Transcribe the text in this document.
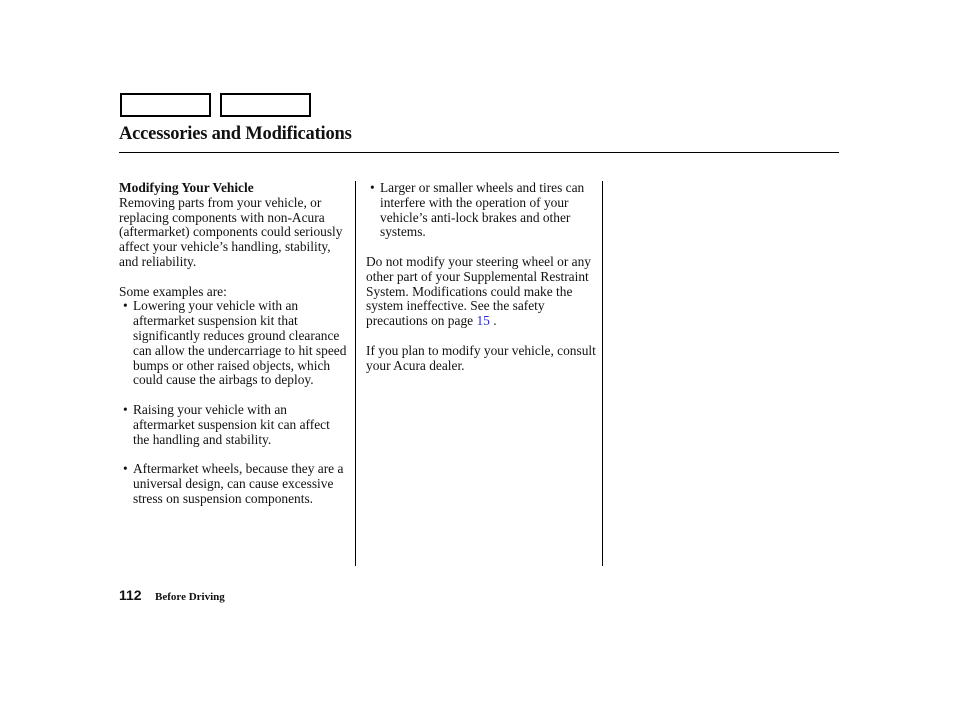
Accessories and Modifications
Modifying Your Vehicle

Removing parts from your vehicle, or replacing components with non-Acura (aftermarket) components could seriously affect your vehicle’s handling, stability, and reliability.

Some examples are:
• Lowering your vehicle with an aftermarket suspension kit that significantly reduces ground clearance can allow the undercarriage to hit speed bumps or other raised objects, which could cause the airbags to deploy.
• Raising your vehicle with an aftermarket suspension kit can affect the handling and stability.
• Aftermarket wheels, because they are a universal design, can cause excessive stress on suspension components.
• Larger or smaller wheels and tires can interfere with the operation of your vehicle’s anti-lock brakes and other systems.

Do not modify your steering wheel or any other part of your Supplemental Restraint System. Modifications could make the system ineffective. See the safety precautions on page 15 .

If you plan to modify your vehicle, consult your Acura dealer.

112 Before Driving
